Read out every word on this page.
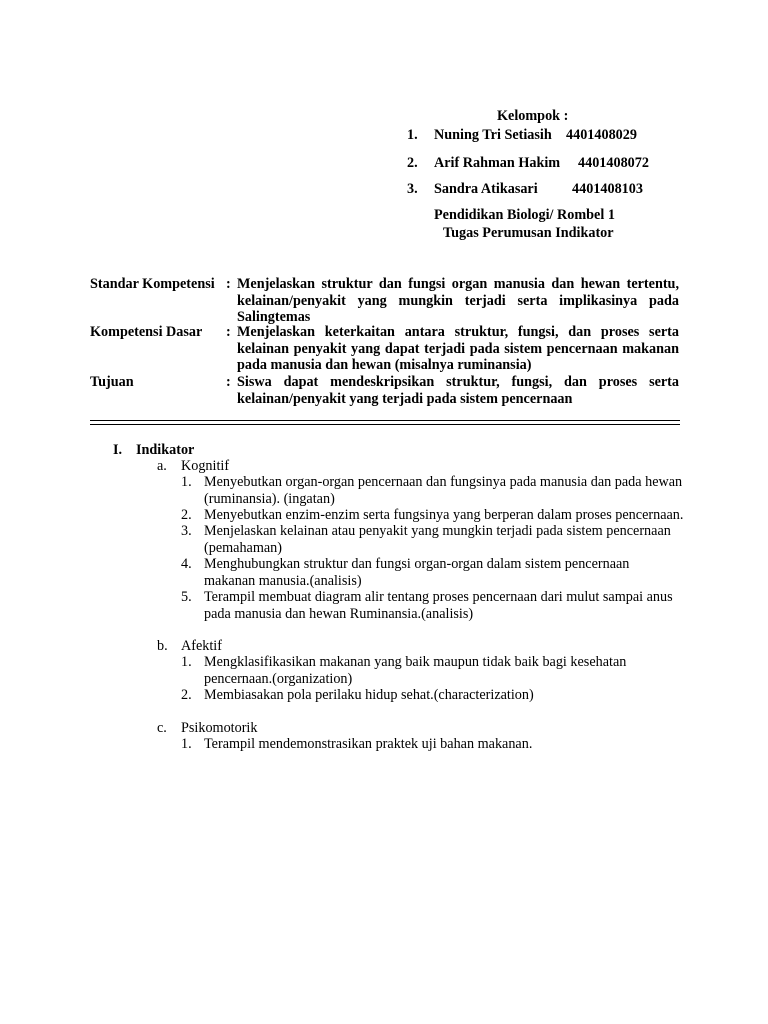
Kelompok :
1. Nuning Tri Setiasih 4401408029
2. Arif Rahman Hakim 4401408072
3. Sandra Atikasari 4401408103
Pendidikan Biologi/ Rombel 1
Tugas Perumusan Indikator
Standar Kompetensi : Menjelaskan struktur dan fungsi organ manusia dan hewan tertentu, kelainan/penyakit yang mungkin terjadi serta implikasinya pada Salingtemas
Kompetensi Dasar : Menjelaskan keterkaitan antara struktur, fungsi, dan proses serta kelainan penyakit yang dapat terjadi pada sistem pencernaan makanan pada manusia dan hewan (misalnya ruminansia)
Tujuan	: Siswa dapat mendeskripsikan struktur, fungsi, dan proses serta kelainan/penyakit yang terjadi pada sistem pencernaan
I. Indikator
a. Kognitif
1. Menyebutkan organ-organ pencernaan dan fungsinya pada manusia dan pada hewan (ruminansia). (ingatan)
2. Menyebutkan enzim-enzim serta fungsinya yang berperan dalam proses pencernaan.
3. Menjelaskan kelainan atau penyakit yang mungkin terjadi pada sistem pencernaan (pemahaman)
4. Menghubungkan struktur dan fungsi organ-organ dalam sistem pencernaan makanan manusia.(analisis)
5. Terampil membuat diagram alir tentang proses pencernaan dari mulut sampai anus pada manusia dan hewan Ruminansia.(analisis)
b. Afektif
1. Mengklasifikasikan makanan yang baik maupun tidak baik bagi kesehatan pencernaan.(organization)
2. Membiasakan pola perilaku hidup sehat.(characterization)
c. Psikomotorik
1. Terampil mendemonstrasikan praktek uji bahan makanan.
